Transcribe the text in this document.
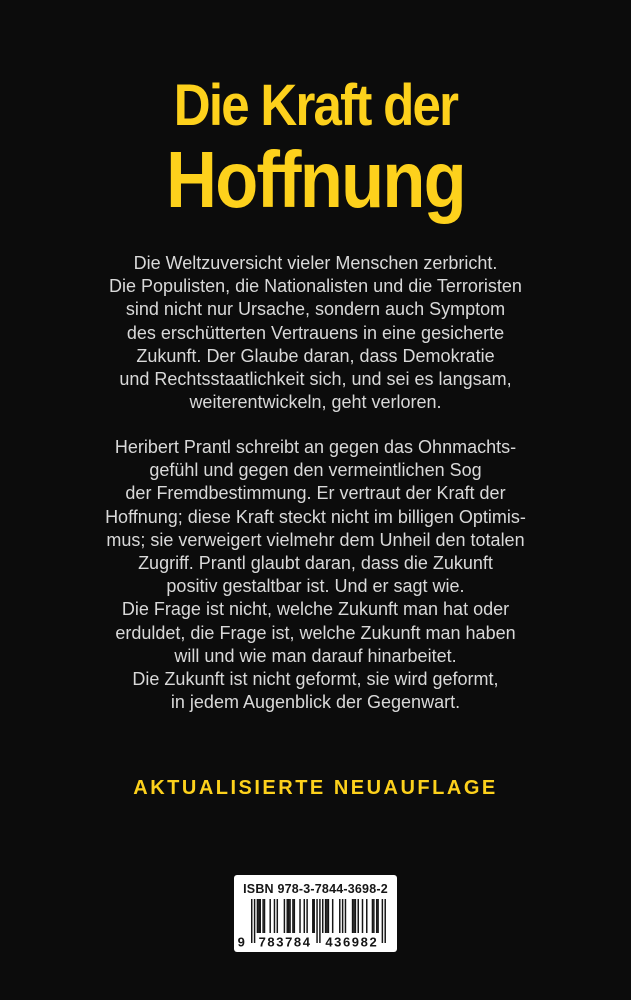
Die Kraft der
Hoffnung

Die Weltzuversicht vieler Menschen zerbricht.
Die Populisten, die Nationalisten und die Terroristen
sind nicht nur Ursache, sondern auch Symptom
des erschütterten Vertrauens in eine gesicherte
Zukunft. Der Glaube daran, dass Demokratie
und Rechtsstaatlichkeit sich, und sei es langsam,
weiterentwickeln, geht verloren.

Heribert Prantl schreibt an gegen das Ohnmachts-
gefühl und gegen den vermeintlichen Sog
der Fremdbestimmung. Er vertraut der Kraft der
Hoffnung; diese Kraft steckt nicht im billigen Optimis-
mus; sie verweigert vielmehr dem Unheil den totalen
Zugriff. Prantl glaubt daran, dass die Zukunft
positiv gestaltbar ist. Und er sagt wie.
Die Frage ist nicht, welche Zukunft man hat oder
erduldet, die Frage ist, welche Zukunft man haben
will und wie man darauf hinarbeitet.
Die Zukunft ist nicht geformt, sie wird geformt,
in jedem Augenblick der Gegenwart.

AKTUALISIERTE NEUAUFLAGE
ISBN 978-3-7844-3698-2
9 783784 436982
